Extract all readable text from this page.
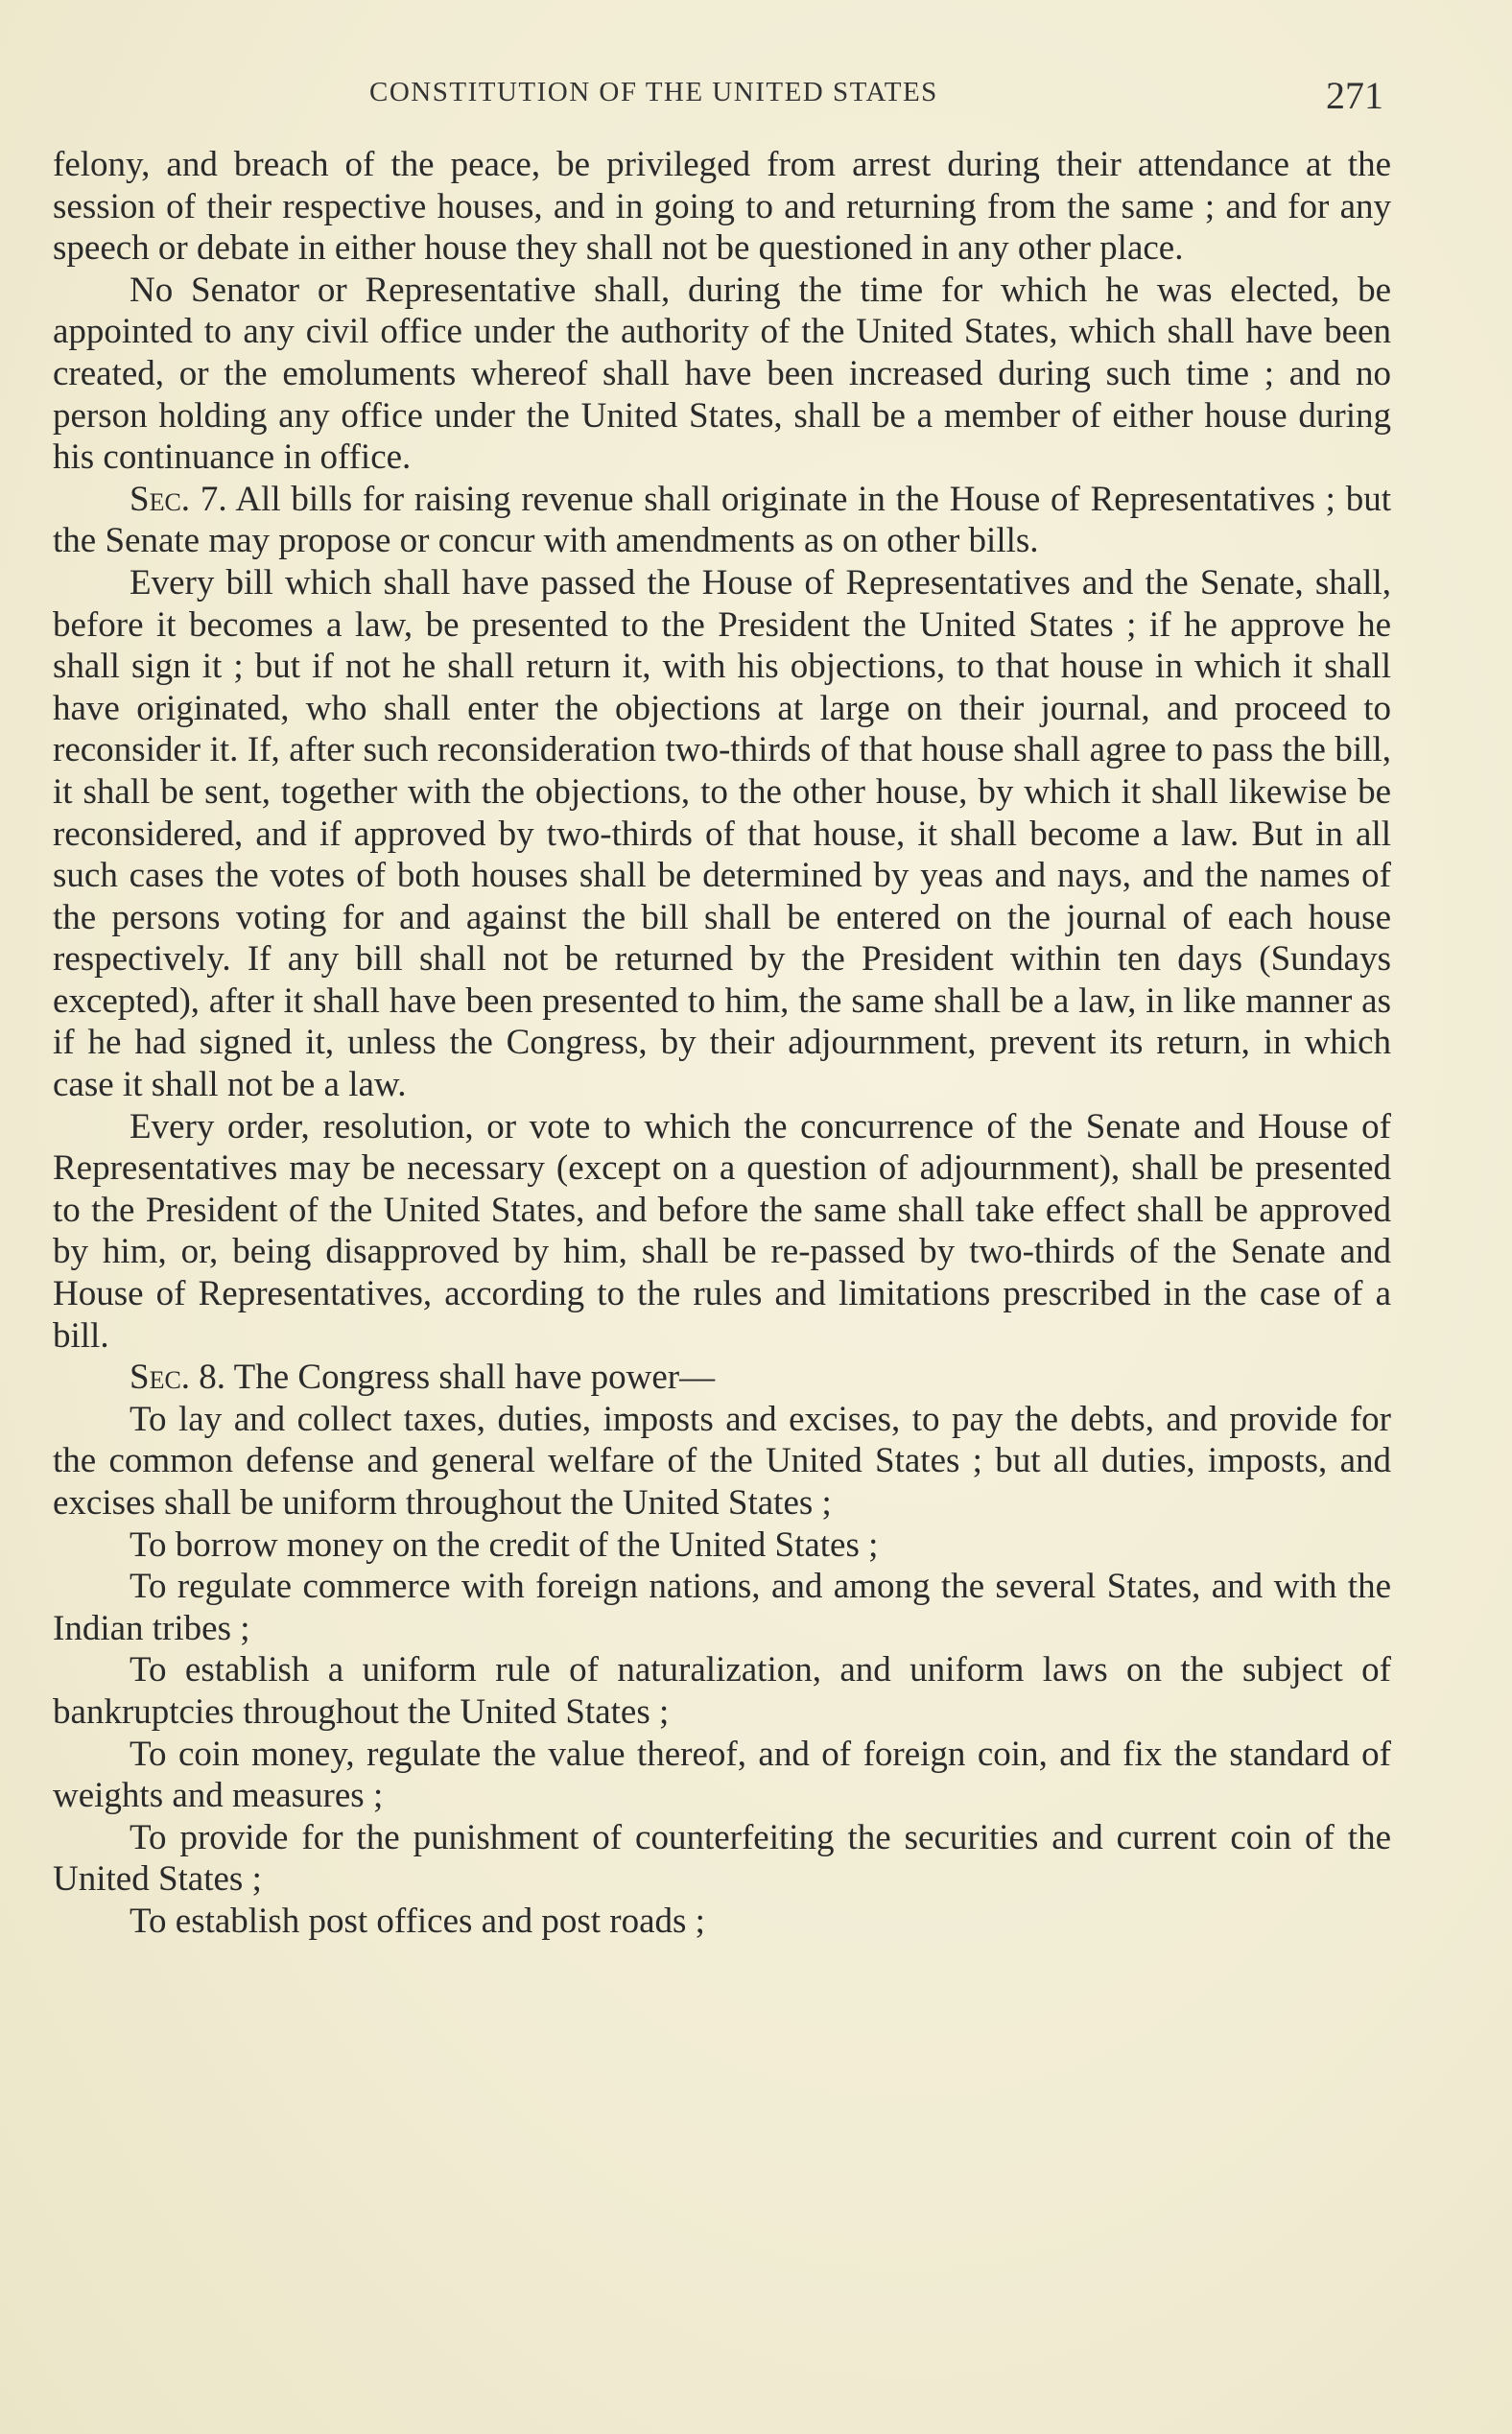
CONSTITUTION OF THE UNITED STATES	271

felony, and breach of the peace, be privileged from arrest during their attendance at the session of their respective houses, and in going to and returning from the same ; and for any speech or debate in either house they shall not be questioned in any other place.

No Senator or Representative shall, during the time for which he was elected, be appointed to any civil office under the authority of the United States, which shall have been created, or the emoluments whereof shall have been increased during such time ; and no person holding any office under the United States, shall be a member of either house during his continuance in office.

Sec. 7. All bills for raising revenue shall originate in the House of Representatives ; but the Senate may propose or concur with amendments as on other bills.

Every bill which shall have passed the House of Representatives and the Senate, shall, before it becomes a law, be presented to the President the United States ; if he approve he shall sign it ; but if not he shall return it, with his objections, to that house in which it shall have originated, who shall enter the objections at large on their journal, and proceed to reconsider it. If, after such reconsideration two-thirds of that house shall agree to pass the bill, it shall be sent, together with the objections, to the other house, by which it shall likewise be reconsidered, and if approved by two-thirds of that house, it shall become a law. But in all such cases the votes of both houses shall be determined by yeas and nays, and the names of the persons voting for and against the bill shall be entered on the journal of each house respectively. If any bill shall not be returned by the President within ten days (Sundays excepted), after it shall have been presented to him, the same shall be a law, in like manner as if he had signed it, unless the Congress, by their adjournment, prevent its return, in which case it shall not be a law.

Every order, resolution, or vote to which the concurrence of the Senate and House of Representatives may be necessary (except on a question of adjournment), shall be presented to the President of the United States, and before the same shall take effect shall be approved by him, or, being disapproved by him, shall be re-passed by two-thirds of the Senate and House of Representatives, according to the rules and limitations prescribed in the case of a bill.

Sec. 8. The Congress shall have power—

To lay and collect taxes, duties, imposts and excises, to pay the debts, and provide for the common defense and general welfare of the United States ; but all duties, imposts, and excises shall be uniform throughout the United States ;

To borrow money on the credit of the United States ;

To regulate commerce with foreign nations, and among the several States, and with the Indian tribes ;

To establish a uniform rule of naturalization, and uniform laws on the subject of bankruptcies throughout the United States ;

To coin money, regulate the value thereof, and of foreign coin, and fix the standard of weights and measures ;

To provide for the punishment of counterfeiting the securities and current coin of the United States ;

To establish post offices and post roads ;
